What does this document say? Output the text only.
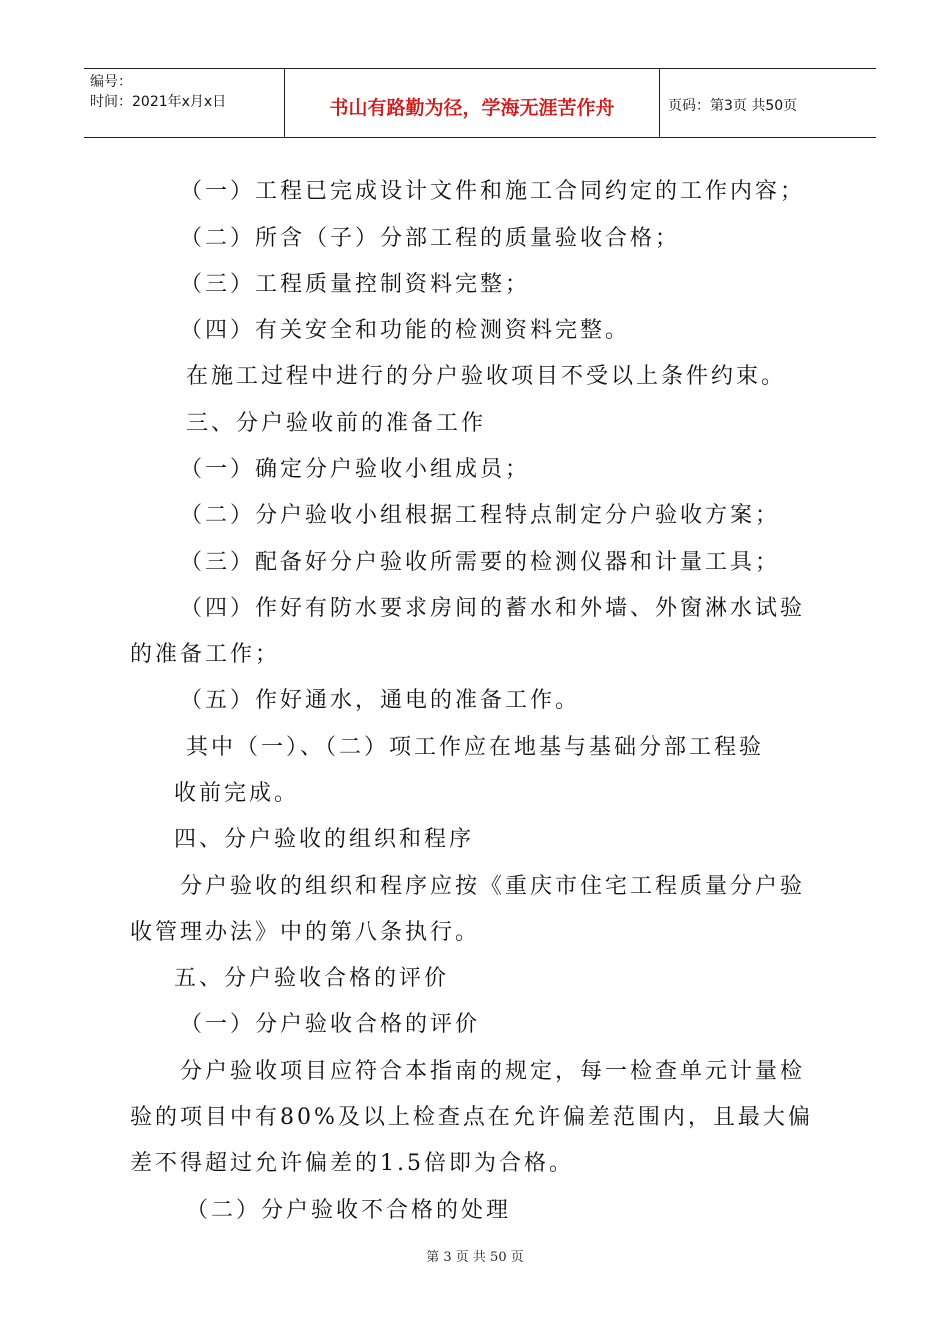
编号：
时间：2021年x月x日	书山有路勤为径，学海无涯苦作舟	页码：第3页 共50页
（一）工程已完成设计文件和施工合同约定的工作内容；
（二）所含（子）分部工程的质量验收合格；
（三）工程质量控制资料完整；
（四）有关安全和功能的检测资料完整。
在施工过程中进行的分户验收项目不受以上条件约束。
三、分户验收前的准备工作
（一）确定分户验收小组成员；
（二）分户验收小组根据工程特点制定分户验收方案；
（三）配备好分户验收所需要的检测仪器和计量工具；
（四）作好有防水要求房间的蓄水和外墙、外窗淋水试验
的准备工作；
（五）作好通水，通电的准备工作。
其中（一）、（二）项工作应在地基与基础分部工程验
收前完成。
四、分户验收的组织和程序
分户验收的组织和程序应按《重庆市住宅工程质量分户验
收管理办法》中的第八条执行。
五、分户验收合格的评价
（一）分户验收合格的评价
分户验收项目应符合本指南的规定，每一检查单元计量检
验的项目中有80%及以上检查点在允许偏差范围内，且最大偏
差不得超过允许偏差的1.5倍即为合格。
（二）分户验收不合格的处理
第 3 页 共 50 页
